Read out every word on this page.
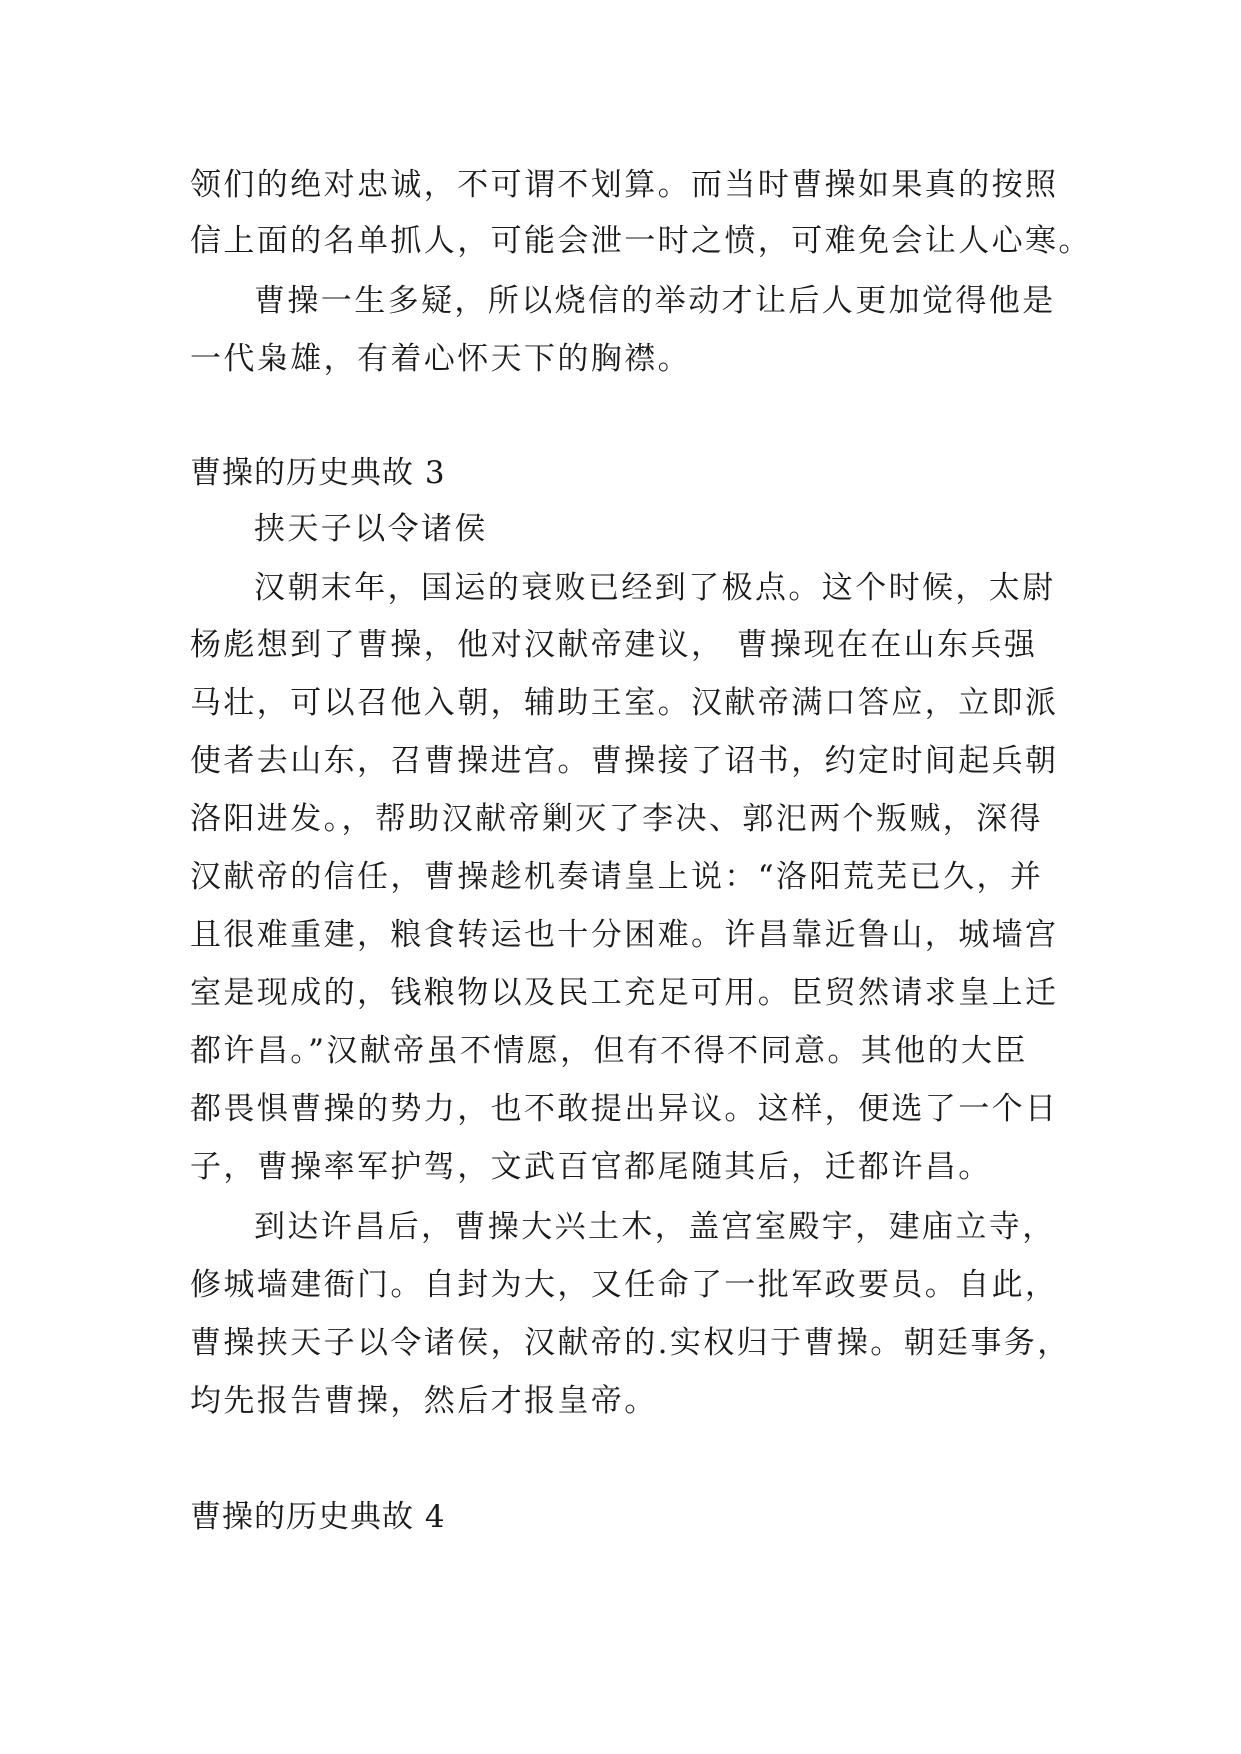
领们的绝对忠诚，不可谓不划算。而当时曹操如果真的按照
信上面的名单抓人，可能会泄一时之愤，可难免会让人心寒。
曹操一生多疑，所以烧信的举动才让后人更加觉得他是
一代枭雄，有着心怀天下的胸襟。
曹操的历史典故 3
挟天子以令诸侯
汉朝末年，国运的衰败已经到了极点。这个时候，太尉
杨彪想到了曹操，他对汉献帝建议， 曹操现在在山东兵强
马壮，可以召他入朝，辅助王室。汉献帝满口答应，立即派
使者去山东，召曹操进宫。曹操接了诏书，约定时间起兵朝
洛阳进发。，帮助汉献帝剿灭了李决、郭汜两个叛贼，深得
汉献帝的信任，曹操趁机奏请皇上说：“洛阳荒芜已久，并
且很难重建，粮食转运也十分困难。许昌靠近鲁山，城墙宫
室是现成的，钱粮物以及民工充足可用。臣贸然请求皇上迁
都许昌。”汉献帝虽不情愿，但有不得不同意。其他的大臣
都畏惧曹操的势力，也不敢提出异议。这样，便选了一个日
子，曹操率军护驾，文武百官都尾随其后，迁都许昌。
到达许昌后，曹操大兴土木，盖宫室殿宇，建庙立寺，
修城墙建衙门。自封为大，又任命了一批军政要员。自此，
曹操挟天子以令诸侯，汉献帝的.实权归于曹操。朝廷事务，
均先报告曹操，然后才报皇帝。
曹操的历史典故 4
